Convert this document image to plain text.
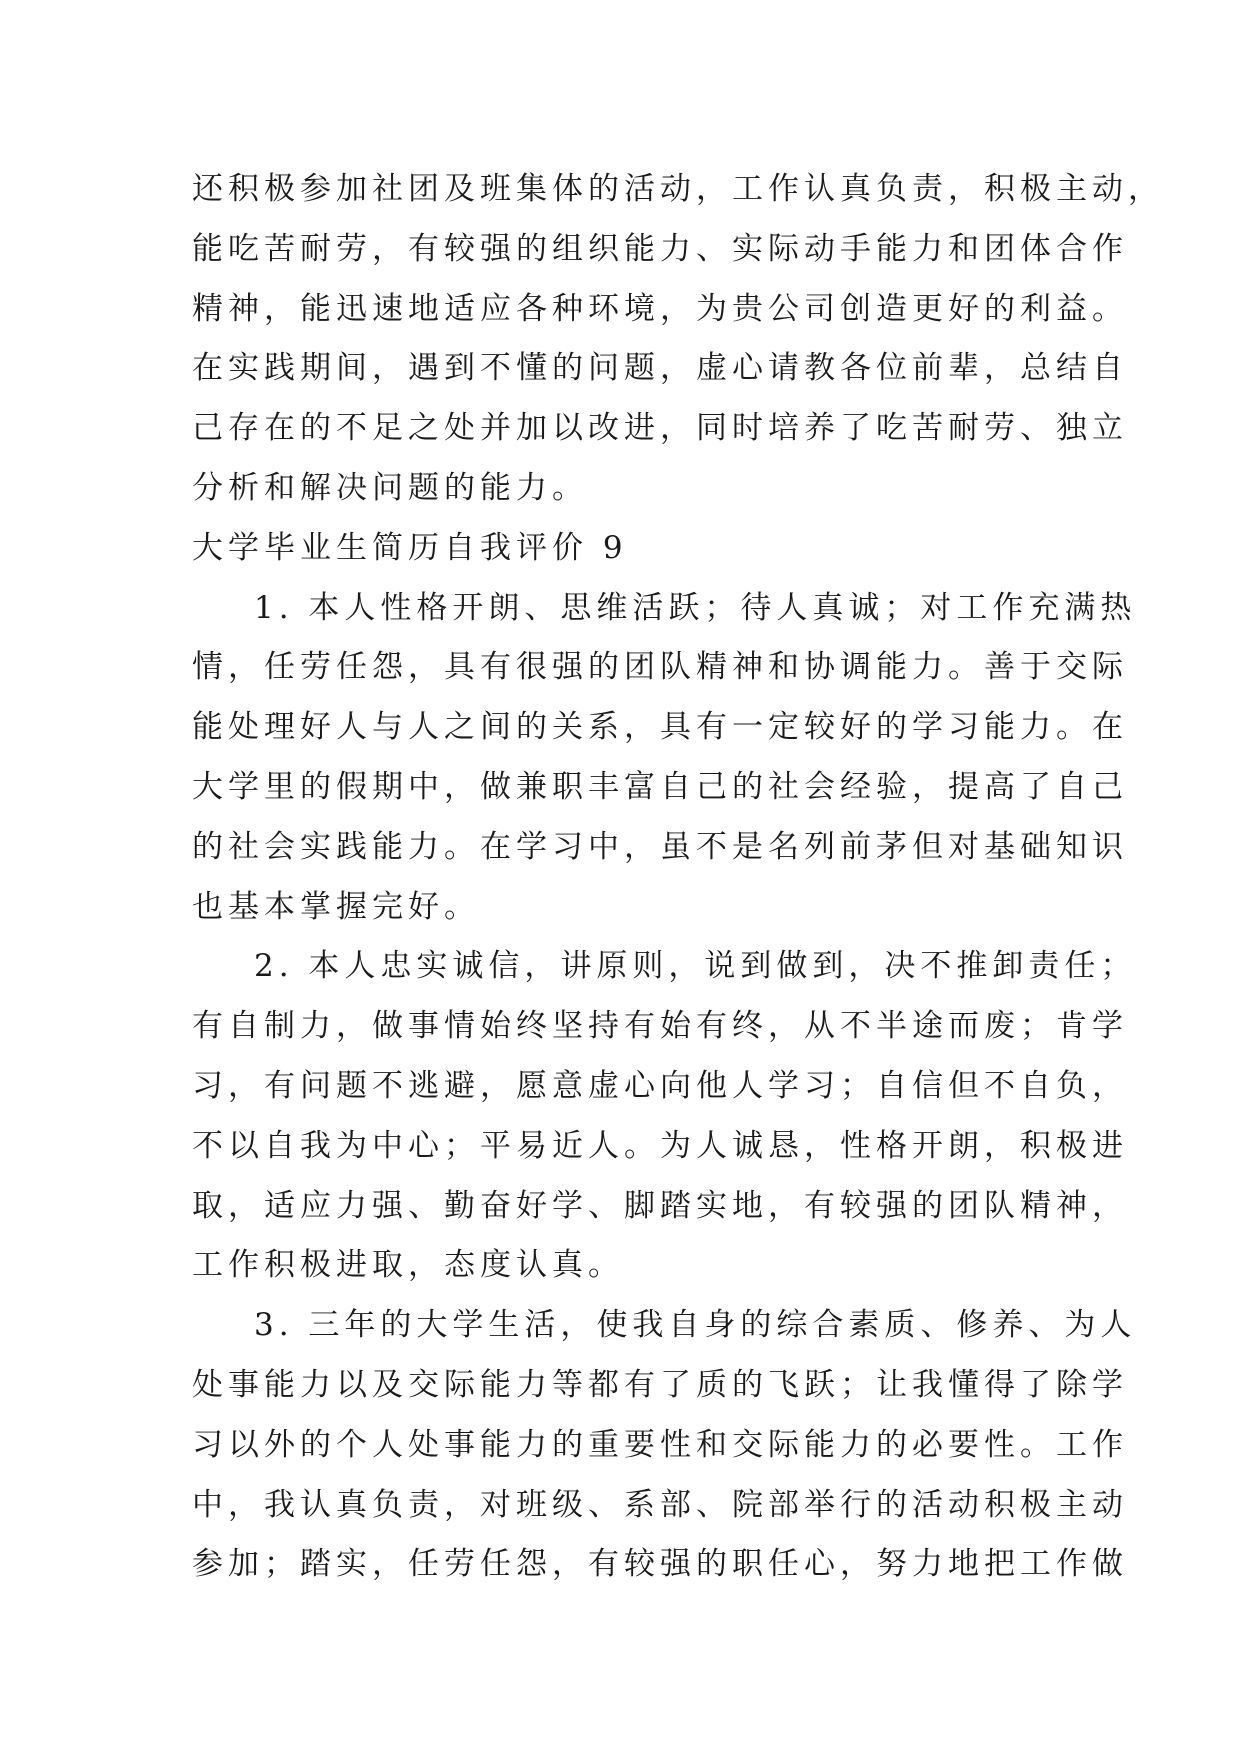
还积极参加社团及班集体的活动，工作认真负责，积极主动，
能吃苦耐劳，有较强的组织能力、实际动手能力和团体合作
精神，能迅速地适应各种环境，为贵公司创造更好的利益。
在实践期间，遇到不懂的问题，虚心请教各位前辈，总结自
己存在的不足之处并加以改进，同时培养了吃苦耐劳、独立
分析和解决问题的能力。
大学毕业生简历自我评价 9
1. 本人性格开朗、思维活跃；待人真诚；对工作充满热
情，任劳任怨，具有很强的团队精神和协调能力。善于交际
能处理好人与人之间的关系，具有一定较好的学习能力。在
大学里的假期中，做兼职丰富自己的社会经验，提高了自己
的社会实践能力。在学习中，虽不是名列前茅但对基础知识
也基本掌握完好。
2. 本人忠实诚信，讲原则，说到做到，决不推卸责任；
有自制力，做事情始终坚持有始有终，从不半途而废；肯学
习，有问题不逃避，愿意虚心向他人学习；自信但不自负，
不以自我为中心；平易近人。为人诚恳，性格开朗，积极进
取，适应力强、勤奋好学、脚踏实地，有较强的团队精神，
工作积极进取，态度认真。
3. 三年的大学生活，使我自身的综合素质、修养、为人
处事能力以及交际能力等都有了质的飞跃；让我懂得了除学
习以外的个人处事能力的重要性和交际能力的必要性。工作
中，我认真负责，对班级、系部、院部举行的活动积极主动
参加；踏实，任劳任怨，有较强的职任心，努力地把工作做
